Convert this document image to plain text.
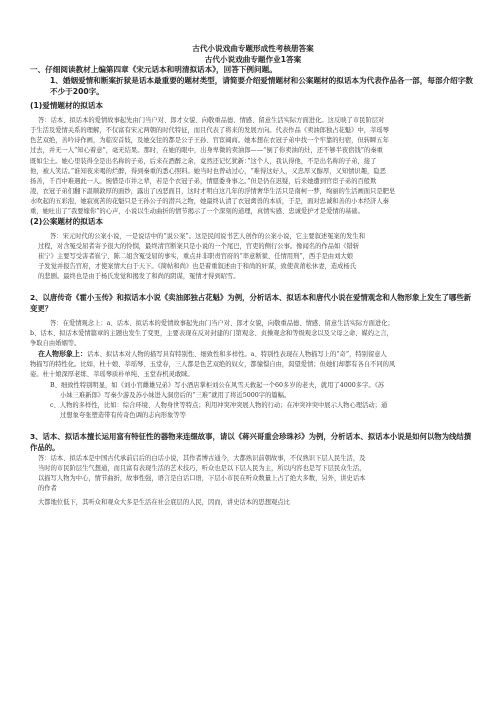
古代小说戏曲专题形成性考核册答案

古代小说戏曲专题作业1答案

一、仔细阅读教材上编第四章《宋元话本和明清拟话本》，回答下例问题。

1、婚姻爱情和断案折狱是话本最重要的题材类型，请简要介绍爱情题材和公案题材的拟话本为代表作品各一部，每部介绍字数不少于200字。

(1)爱情题材的拟话本

答：话本、拟话本的爱情故事起先由门当户对、郎才女貌、向敬重品德、情感、留意生活实际方面进化。这反映了市民阶层对

于生活及爱情关系的理解，不仅富有宋元两朝的时代特征，而且代表了将来的发展方向。代表作品《卖油郎独占花魁》中，莘瑶琴

色艺双绝，善吟诗作画，为临安首妓，及她交往的都是公子王孙、官宦阔商。她本想在衣冠子弟中找一个牢靠的归宿，但转瞬五年

过去，并无一人“知心着意”，毫无结果。那时，在她的眼中，出身卑微的卖油郎——“倒了你卖油的灶，还不够半夜宿钱”的秦重

既如尘土。她心里装得全是出名称的子弟，后来在酒醉之余，竟然还记忆犹新：”这个人，我认得他，不是出名称的子弟，接了

他，被人笑话。”谁知夜来喝的烂醉，得到秦重的悉心照料。她当时也曾动过心，“难得这好人，又忠厚又醇厚，又知情识趣，隐恶

扬善，千百中难遇此一人。惋惜是市井之辈，若是个衣冠子弟，情愿委身事之。”但是仍在迟疑，后来她遭到官宦子弟的百般欺

凌，衣冠子弟们翻下温顺敦厚的面纱，露出了凶恶面目，这时才明白这几年的浮情奢华生活只是南柯一梦，绚丽的生活画面只是肥皂

水吹起的五彩泡，她寂寞苦的花魁只是王孙公子的潜兴之物，她最终认清了衣冠禽兽的本质，于是，面对忠诚和善的小本经济人秦

重，她吐出了“我要嫁你”的心声，小说以生动曲折的情节揭示了一个深刻的道理，真情实感、忠诚爱护才是爱情的基础。

(2)公案题材的拟话本

答：宋元时代的公案小说，一是说话中的“说公案”。这是民间说书艺人创作的公案小说，它主要叙述冤案的发生和

过程，对含冤受屈者寄予很大的怜悯，最终清官断案只是小说的一个尾巴，官吏的侧行公事。像闻名的作品如《错斩

崔宁》主要写受害者崔宁、陈二姐含冤受屈的事实，重点并非职责官府的“率意断狱、任情用刑”，西手是由刘大娘

子发觉并报告官府，才使案情大白于天下。《简帖和尚》也是着重叙述由于和尚的奸谋，致使黄莆松休妻，造成杨氏

的悲剧。最终也是由于杨氏发觉和揭发了和尚的阴谋，冤情才得到昭雪。

2、以唐传奇《霍小玉传》和拟话本小说《卖油郎独占花魁》为例，分析话本、拟话本和唐代小说在爱情观念和人物形象上发生了哪些新变更？

答：在爱情观念上：a、话本、拟话本的爱情故事起先由门当户对、郎才女貌，向敬重品德、情感、留意生活实际方面进化；

b、话本、拟话本爱情篇章的主题也发生了变更，主要表现在反对封建的门第观念、贞操观念和等级观念以及父母之命、媒妁之言，

争取自由婚姻等。

在人物形象上：话本、拟话本对人物的描写具有特别性、细致性和多样性。a、特别性表现在人物描写上的“奇”，特别留意人

物描写的特性化。比如，杜十娘、莘瑶琴、玉堂春，三人都是色艺双绝的奴女，都憧憬自由，渴望爱情；但她们却都有各自不同的风

姿。杜十娘深厚老练、莘瑶琴质朴单纯、玉堂春机灵敢睐。

B、细致性特别明显，如《刘小官雌雄兄弟》写小酒店掌柜刘公在风雪天救起一个60多岁的老夫，就用了4000多字。《苏

小妹三难新郎》写秦少游及苏小妹进入洞房后的“三难”就用了将近5000字的篇幅。

c、人物的多样性，比如：综合环境、人物身世等特点；利用冲突冲突展人物的行动；在冲突冲突中展示人物心理活动；通

过想象夸张塑造带有传奇色调的志向形象等等

3、话本、拟话本擅长运用富有特征性的器物来连缀故事，请以《蒋兴哥重会珍珠衫》为例，分析话本、拟话本小说是如何以物为线结撰作品的。

答：话本、拟话本是中国古代承前启后的白话小说，其作者博古通今，大都熟识前朝故事，不仅熟识下层人民生活，及

当时的市民阶层生气想通，而且富有表现生活的艺术技巧，听众也是以下层人民为主，所以内容也是写下层民众生活，

以描写人物为中心，情节曲折，故事性强，语言是白话口语，下层小市民在听众数量上占了绝大多数，另外，讲史话本

的作者

大都地位低下，其听众和观众大多是生活在社会底层的人民，因而，讲史话本的思想观点比
